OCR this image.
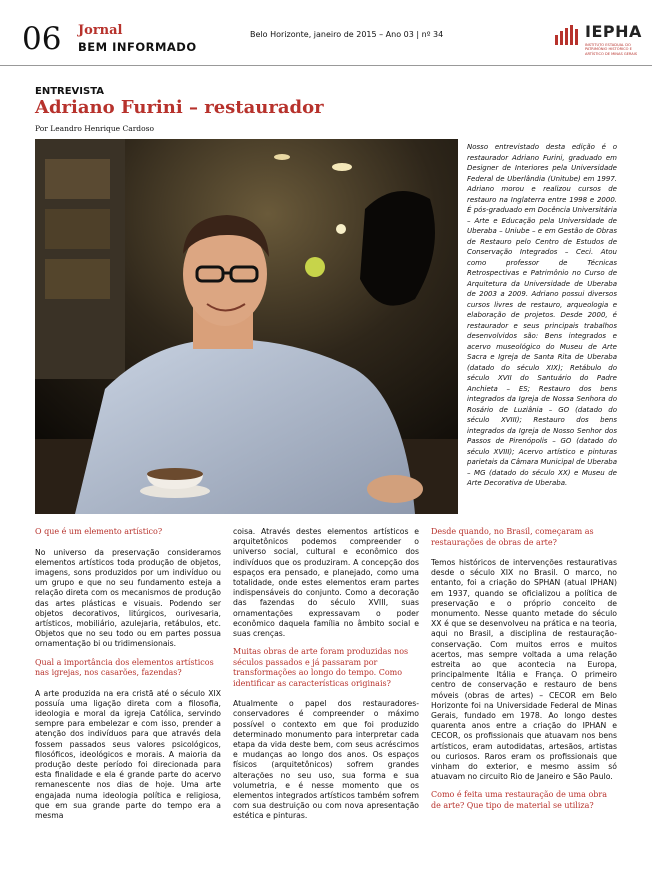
06 Jornal
BEM INFORMADO
Belo Horizonte, janeiro de 2015 – Ano 03 | nº 34	IEPHA
INSTITUTO ESTADUAL DO PATRIMÔNIO HISTÓRICO E ARTÍSTICO DE MINAS GERAIS
ENTREVISTA
Adriano Furini – restaurador
Por Leandro Henrique Cardoso
Nosso entrevistado desta edição é o restaurador Adriano Furini, graduado em Designer de Interiores pela Universidade Federal de Uberlândia (Unitube) em 1997. Adriano morou e realizou cursos de restauro na Inglaterra entre 1998 e 2000. É pós-graduado em Docência Universitária – Arte e Educação pela Universidade de Uberaba – Uniube – e em Gestão de Obras de Restauro pelo Centro de Estudos de Conservação Integrados – Ceci. Atou como professor de Técnicas Retrospectivas e Patrimônio no Curso de Arquitetura da Universidade de Uberaba de 2003 a 2009. Adriano possui diversos cursos livres de restauro, arqueologia e elaboração de projetos. Desde 2000, é restaurador e seus principais trabalhos desenvolvidos são: Bens integrados e acervo museológico do Museu de Arte Sacra e Igreja de Santa Rita de Uberaba (datado do século XIX); Retábulo do século XVII do Santuário do Padre Anchieta – ES; Restauro dos bens integrados da Igreja de Nossa Senhora do Rosário de Luziânia – GO (datado do século XVIII); Restauro dos bens integrados da Igreja de Nosso Senhor dos Passos de Pirenópolis – GO (datado do século XVIII); Acervo artístico e pinturas parietais da Câmara Municipal de Uberaba – MG (datado do século XX) e Museu de Arte Decorativa de Uberaba.

O que é um elemento artístico?

No universo da preservação consideramos elementos artísticos toda produção de objetos, imagens, sons produzidos por um indivíduo ou um grupo e que no seu fundamento esteja a relação direta com os mecanismos de produção das artes plásticas e visuais. Podendo ser objetos decorativos, litúrgicos, ourivesaria, artísticos, mobiliário, azulejaria, retábulos, etc. Objetos que no seu todo ou em partes possua ornamentação bi ou tridimensionais.

Qual a importância dos elementos artísticos nas igrejas, nos casarões, fazendas?

A arte produzida na era cristã até o século XIX possuía uma ligação direta com a filosofia, ideologia e moral da igreja Católica, servindo sempre para embelezar e com isso, prender a atenção dos indivíduos para que através dela fossem passados seus valores psicológicos, filosóficos, ideológicos e morais. A maioria da produção deste período foi direcionada para esta finalidade e ela é grande parte do acervo remanescente nos dias de hoje. Uma arte engajada numa ideologia política e religiosa, que em sua grande parte do tempo era a mesma

coisa. Através destes elementos artísticos e arquitetônicos podemos compreender o universo social, cultural e econômico dos indivíduos que os produziram. A concepção dos espaços era pensado, e planejado, como uma totalidade, onde estes elementos eram partes indispensáveis do conjunto. Como a decoração das fazendas do século XVIII, suas ornamentações expressavam o poder econômico daquela família no âmbito social e suas crenças.

Muitas obras de arte foram produzidas nos séculos passados e já passaram por transformações ao longo do tempo. Como identificar as características originais?

Atualmente o papel dos restauradores-conservadores é compreender o máximo possível o contexto em que foi produzido determinado monumento para interpretar cada etapa da vida deste bem, com seus acréscimos e mudanças ao longo dos anos. Os espaços físicos (arquitetônicos) sofrem grandes alterações no seu uso, sua forma e sua volumetria, e é nesse momento que os elementos integrados artísticos também sofrem com sua destruição ou com nova apresentação estética e pinturas.

Desde quando, no Brasil, começaram as restaurações de obras de arte?

Temos históricos de intervenções restaurativas desde o século XIX no Brasil. O marco, no entanto, foi a criação do SPHAN (atual IPHAN) em 1937, quando se oficializou a política de preservação e o próprio conceito de monumento. Nesse quanto metade do século XX é que se desenvolveu na prática e na teoria, aqui no Brasil, a disciplina de restauração-conservação. Com muitos erros e muitos acertos, mas sempre voltada a uma relação estreita ao que acontecia na Europa, principalmente Itália e França. O primeiro centro de conservação e restauro de bens móveis (obras de artes) – CECOR em Belo Horizonte foi na Universidade Federal de Minas Gerais, fundado em 1978. Ao longo destes quarenta anos entre a criação do IPHAN e CECOR, os profissionais que atuavam nos bens artísticos, eram autodidatas, artesãos, artistas ou curiosos. Raros eram os profissionais que vinham do exterior, e mesmo assim só atuavam no circuito Rio de Janeiro e São Paulo.

Como é feita uma restauração de uma obra de arte? Que tipo de material se utiliza?
